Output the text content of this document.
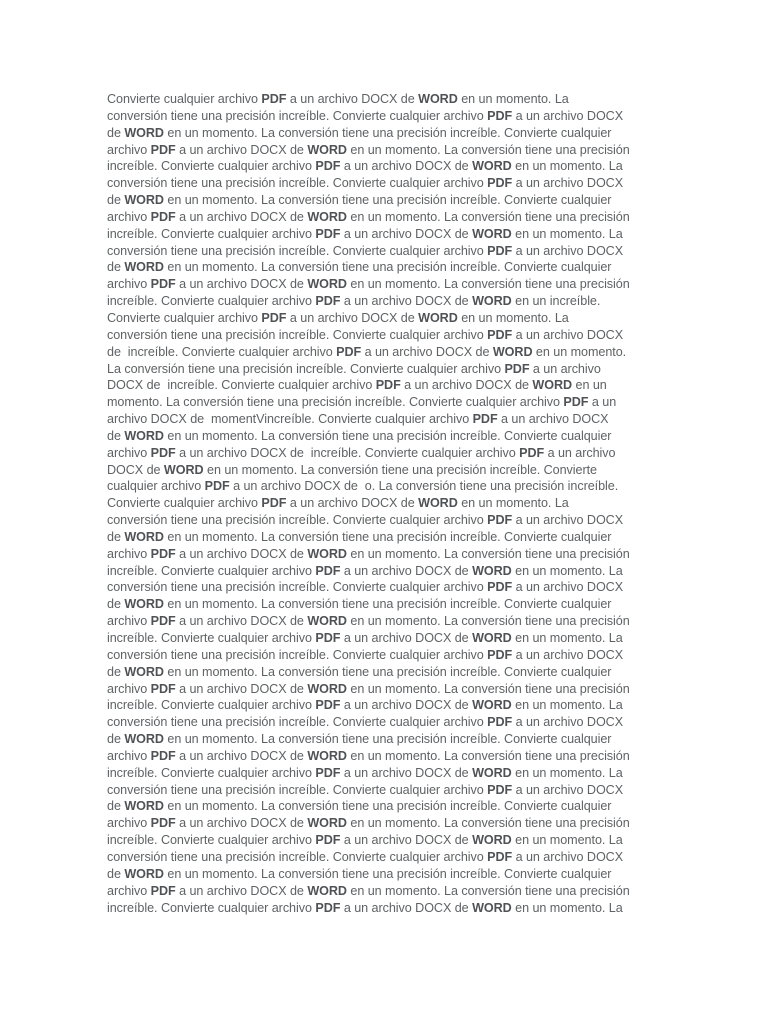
Convierte cualquier archivo PDF a un archivo DOCX de WORD en un momento. La
conversión tiene una precisión increíble. Convierte cualquier archivo PDF a un archivo DOCX
de WORD en un momento. La conversión tiene una precisión increíble. Convierte cualquier
archivo PDF a un archivo DOCX de WORD en un momento. La conversión tiene una precisión
increíble. Convierte cualquier archivo PDF a un archivo DOCX de WORD en un momento. La
conversión tiene una precisión increíble. Convierte cualquier archivo PDF a un archivo DOCX
de WORD en un momento. La conversión tiene una precisión increíble. Convierte cualquier
archivo PDF a un archivo DOCX de WORD en un momento. La conversión tiene una precisión
increíble. Convierte cualquier archivo PDF a un archivo DOCX de WORD en un momento. La
conversión tiene una precisión increíble. Convierte cualquier archivo PDF a un archivo DOCX
de WORD en un momento. La conversión tiene una precisión increíble. Convierte cualquier
archivo PDF a un archivo DOCX de WORD en un momento. La conversión tiene una precisión
increíble. Convierte cualquier archivo PDF a un archivo DOCX de WORD en un increíble.
Convierte cualquier archivo PDF a un archivo DOCX de WORD en un momento. La
conversión tiene una precisión increíble. Convierte cualquier archivo PDF a un archivo DOCX
de  increíble. Convierte cualquier archivo PDF a un archivo DOCX de WORD en un momento.
La conversión tiene una precisión increíble. Convierte cualquier archivo PDF a un archivo
DOCX de  increíble. Convierte cualquier archivo PDF a un archivo DOCX de WORD en un
momento. La conversión tiene una precisión increíble. Convierte cualquier archivo PDF a un
archivo DOCX de  momentVincreíble. Convierte cualquier archivo PDF a un archivo DOCX
de WORD en un momento. La conversión tiene una precisión increíble. Convierte cualquier
archivo PDF a un archivo DOCX de  increíble. Convierte cualquier archivo PDF a un archivo
DOCX de WORD en un momento. La conversión tiene una precisión increíble. Convierte
cualquier archivo PDF a un archivo DOCX de  o. La conversión tiene una precisión increíble.
Convierte cualquier archivo PDF a un archivo DOCX de WORD en un momento. La
conversión tiene una precisión increíble. Convierte cualquier archivo PDF a un archivo DOCX
de WORD en un momento. La conversión tiene una precisión increíble. Convierte cualquier
archivo PDF a un archivo DOCX de WORD en un momento. La conversión tiene una precisión
increíble. Convierte cualquier archivo PDF a un archivo DOCX de WORD en un momento. La
conversión tiene una precisión increíble. Convierte cualquier archivo PDF a un archivo DOCX
de WORD en un momento. La conversión tiene una precisión increíble. Convierte cualquier
archivo PDF a un archivo DOCX de WORD en un momento. La conversión tiene una precisión
increíble. Convierte cualquier archivo PDF a un archivo DOCX de WORD en un momento. La
conversión tiene una precisión increíble. Convierte cualquier archivo PDF a un archivo DOCX
de WORD en un momento. La conversión tiene una precisión increíble. Convierte cualquier
archivo PDF a un archivo DOCX de WORD en un momento. La conversión tiene una precisión
increíble. Convierte cualquier archivo PDF a un archivo DOCX de WORD en un momento. La
conversión tiene una precisión increíble. Convierte cualquier archivo PDF a un archivo DOCX
de WORD en un momento. La conversión tiene una precisión increíble. Convierte cualquier
archivo PDF a un archivo DOCX de WORD en un momento. La conversión tiene una precisión
increíble. Convierte cualquier archivo PDF a un archivo DOCX de WORD en un momento. La
conversión tiene una precisión increíble. Convierte cualquier archivo PDF a un archivo DOCX
de WORD en un momento. La conversión tiene una precisión increíble. Convierte cualquier
archivo PDF a un archivo DOCX de WORD en un momento. La conversión tiene una precisión
increíble. Convierte cualquier archivo PDF a un archivo DOCX de WORD en un momento. La
conversión tiene una precisión increíble. Convierte cualquier archivo PDF a un archivo DOCX
de WORD en un momento. La conversión tiene una precisión increíble. Convierte cualquier
archivo PDF a un archivo DOCX de WORD en un momento. La conversión tiene una precisión
increíble. Convierte cualquier archivo PDF a un archivo DOCX de WORD en un momento. La
